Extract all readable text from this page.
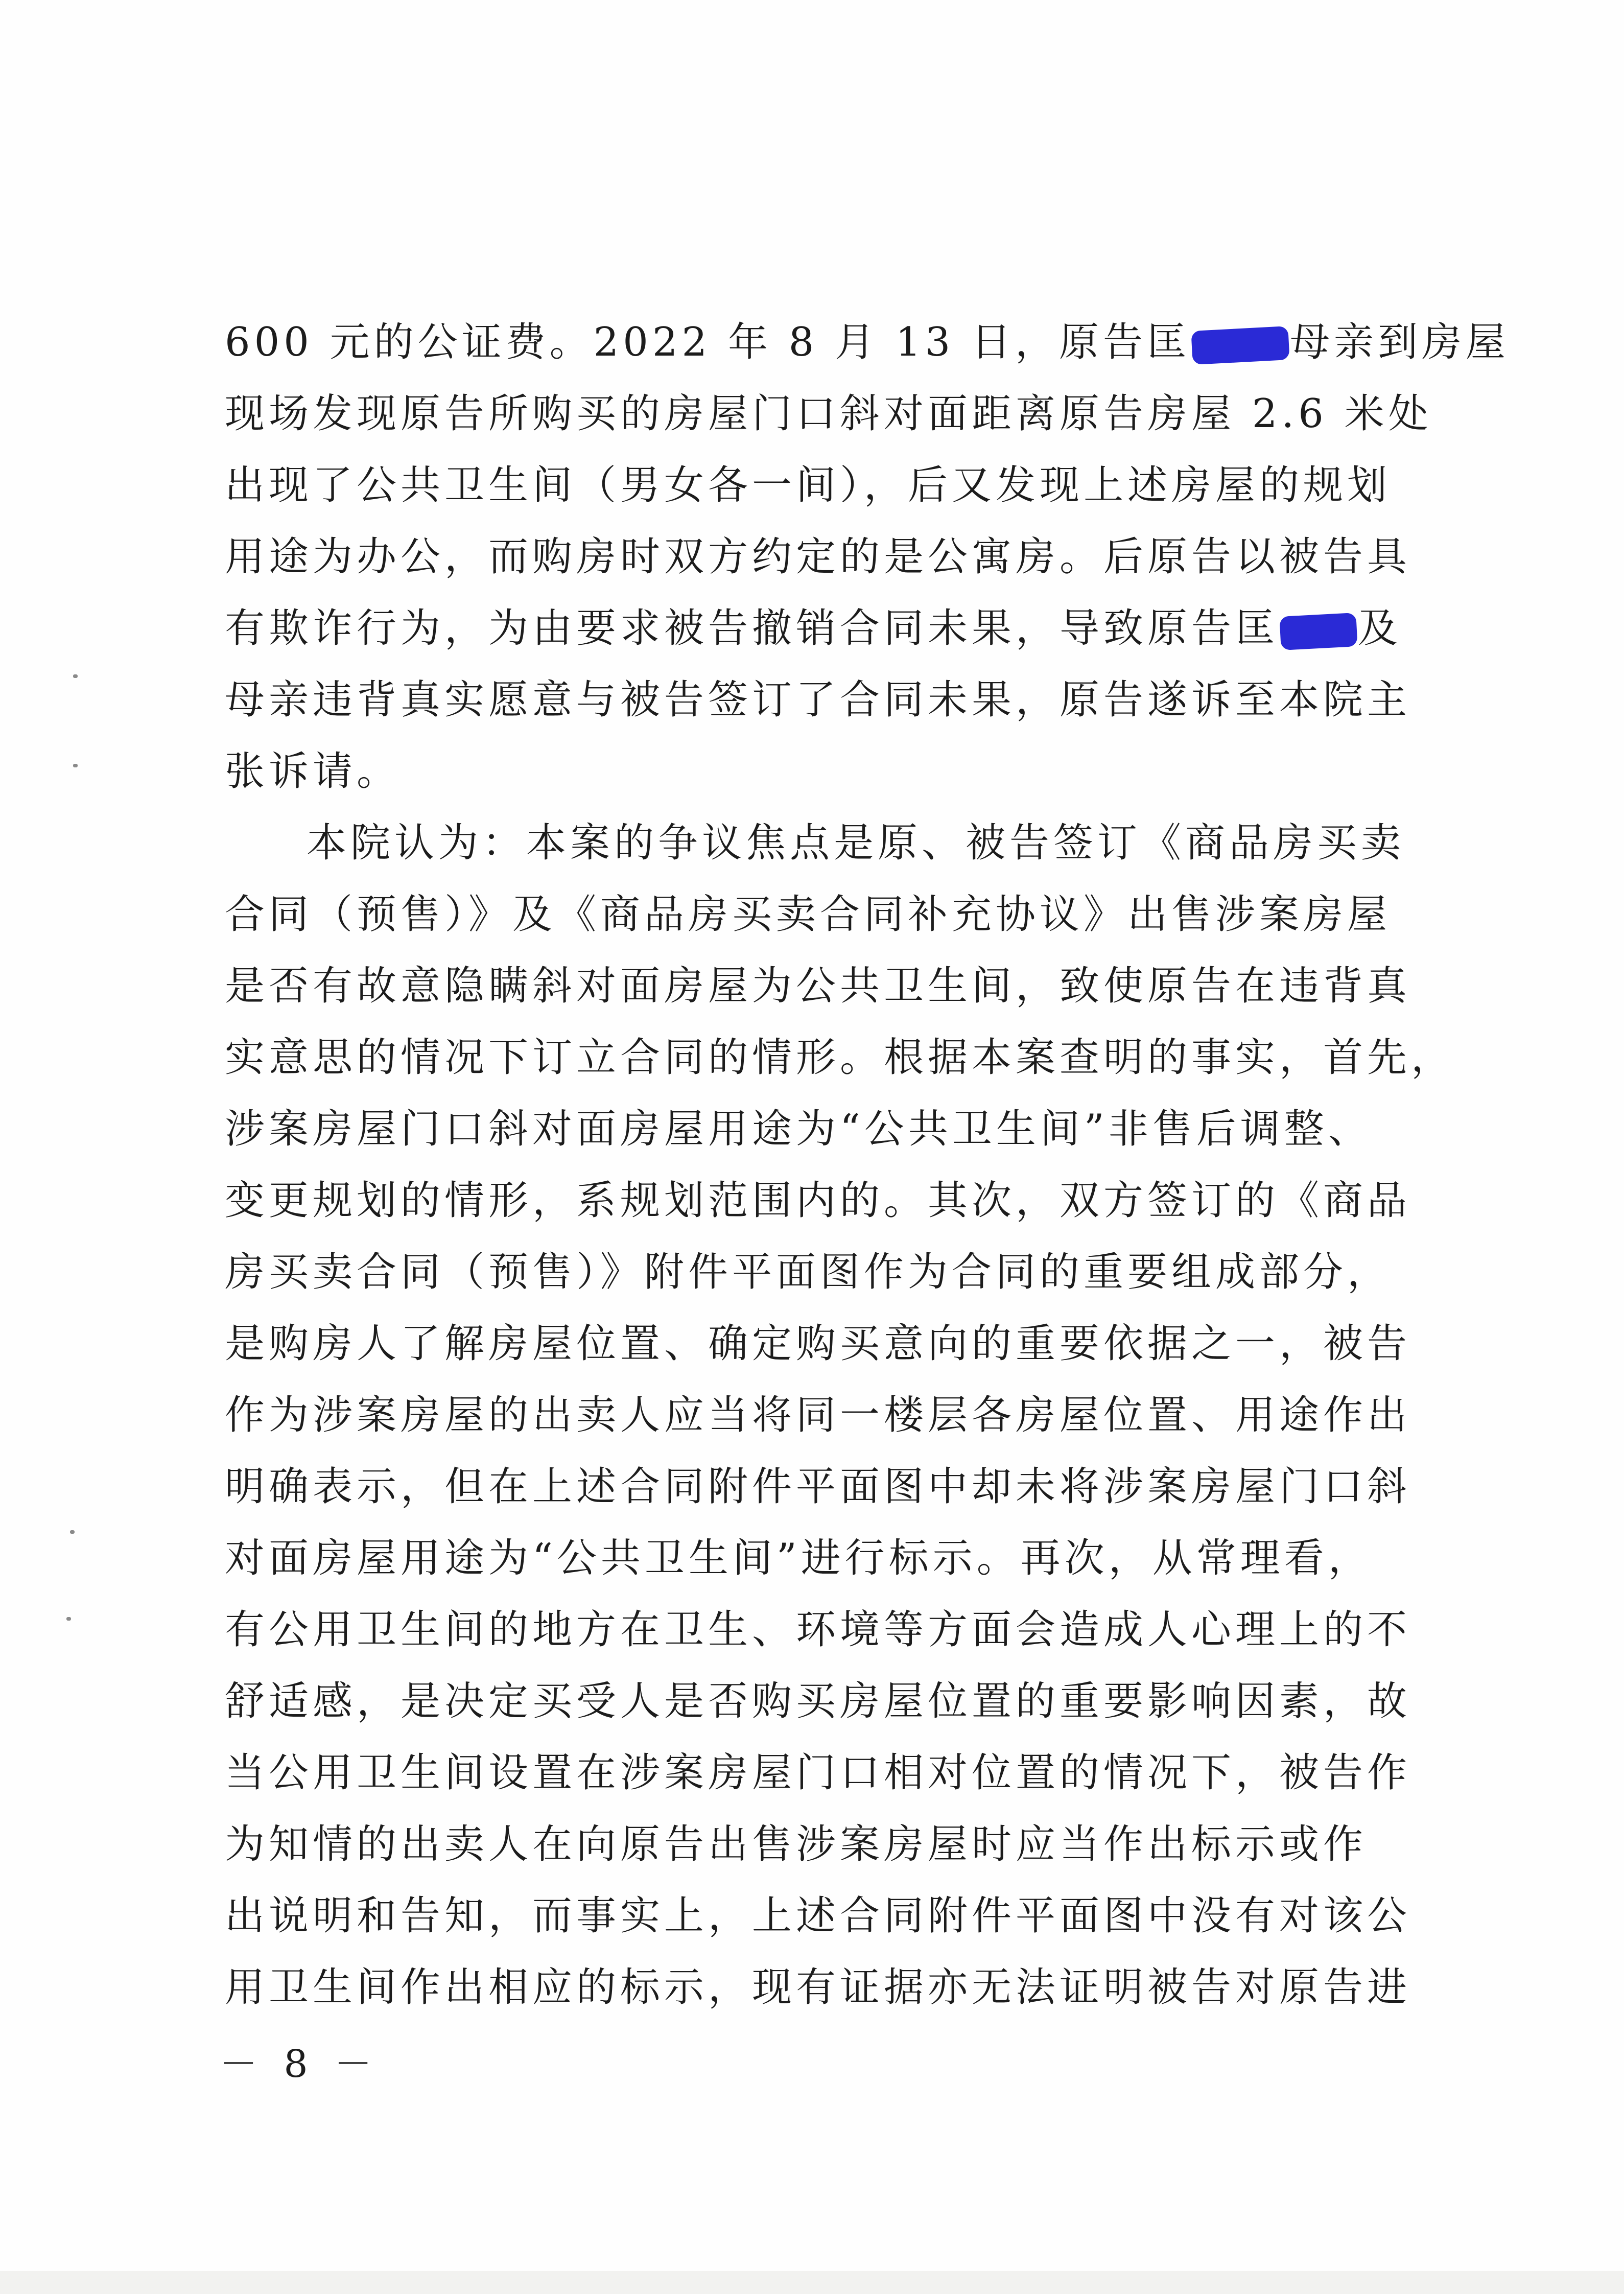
600 元的公证费。2022 年 8 月 13 日，原告匡 母亲到房屋
现场发现原告所购买的房屋门口斜对面距离原告房屋 2.6 米处
出现了公共卫生间（男女各一间），后又发现上述房屋的规划
用途为办公，而购房时双方约定的是公寓房。后原告以被告具
有欺诈行为，为由要求被告撤销合同未果，导致原告匡 及
母亲违背真实愿意与被告签订了合同未果，原告遂诉至本院主
张诉请。
本院认为：本案的争议焦点是原、被告签订《商品房买卖
合同（预售）》及《商品房买卖合同补充协议》出售涉案房屋
是否有故意隐瞒斜对面房屋为公共卫生间，致使原告在违背真
实意思的情况下订立合同的情形。根据本案查明的事实，首先，
涉案房屋门口斜对面房屋用途为“公共卫生间”非售后调整、
变更规划的情形，系规划范围内的。其次，双方签订的《商品
房买卖合同（预售）》附件平面图作为合同的重要组成部分，
是购房人了解房屋位置、确定购买意向的重要依据之一，被告
作为涉案房屋的出卖人应当将同一楼层各房屋位置、用途作出
明确表示，但在上述合同附件平面图中却未将涉案房屋门口斜
对面房屋用途为“公共卫生间”进行标示。再次，从常理看，
有公用卫生间的地方在卫生、环境等方面会造成人心理上的不
舒适感，是决定买受人是否购买房屋位置的重要影响因素，故
当公用卫生间设置在涉案房屋门口相对位置的情况下，被告作
为知情的出卖人在向原告出售涉案房屋时应当作出标示或作
出说明和告知，而事实上，上述合同附件平面图中没有对该公
用卫生间作出相应的标示，现有证据亦无法证明被告对原告进
－ 8 －
